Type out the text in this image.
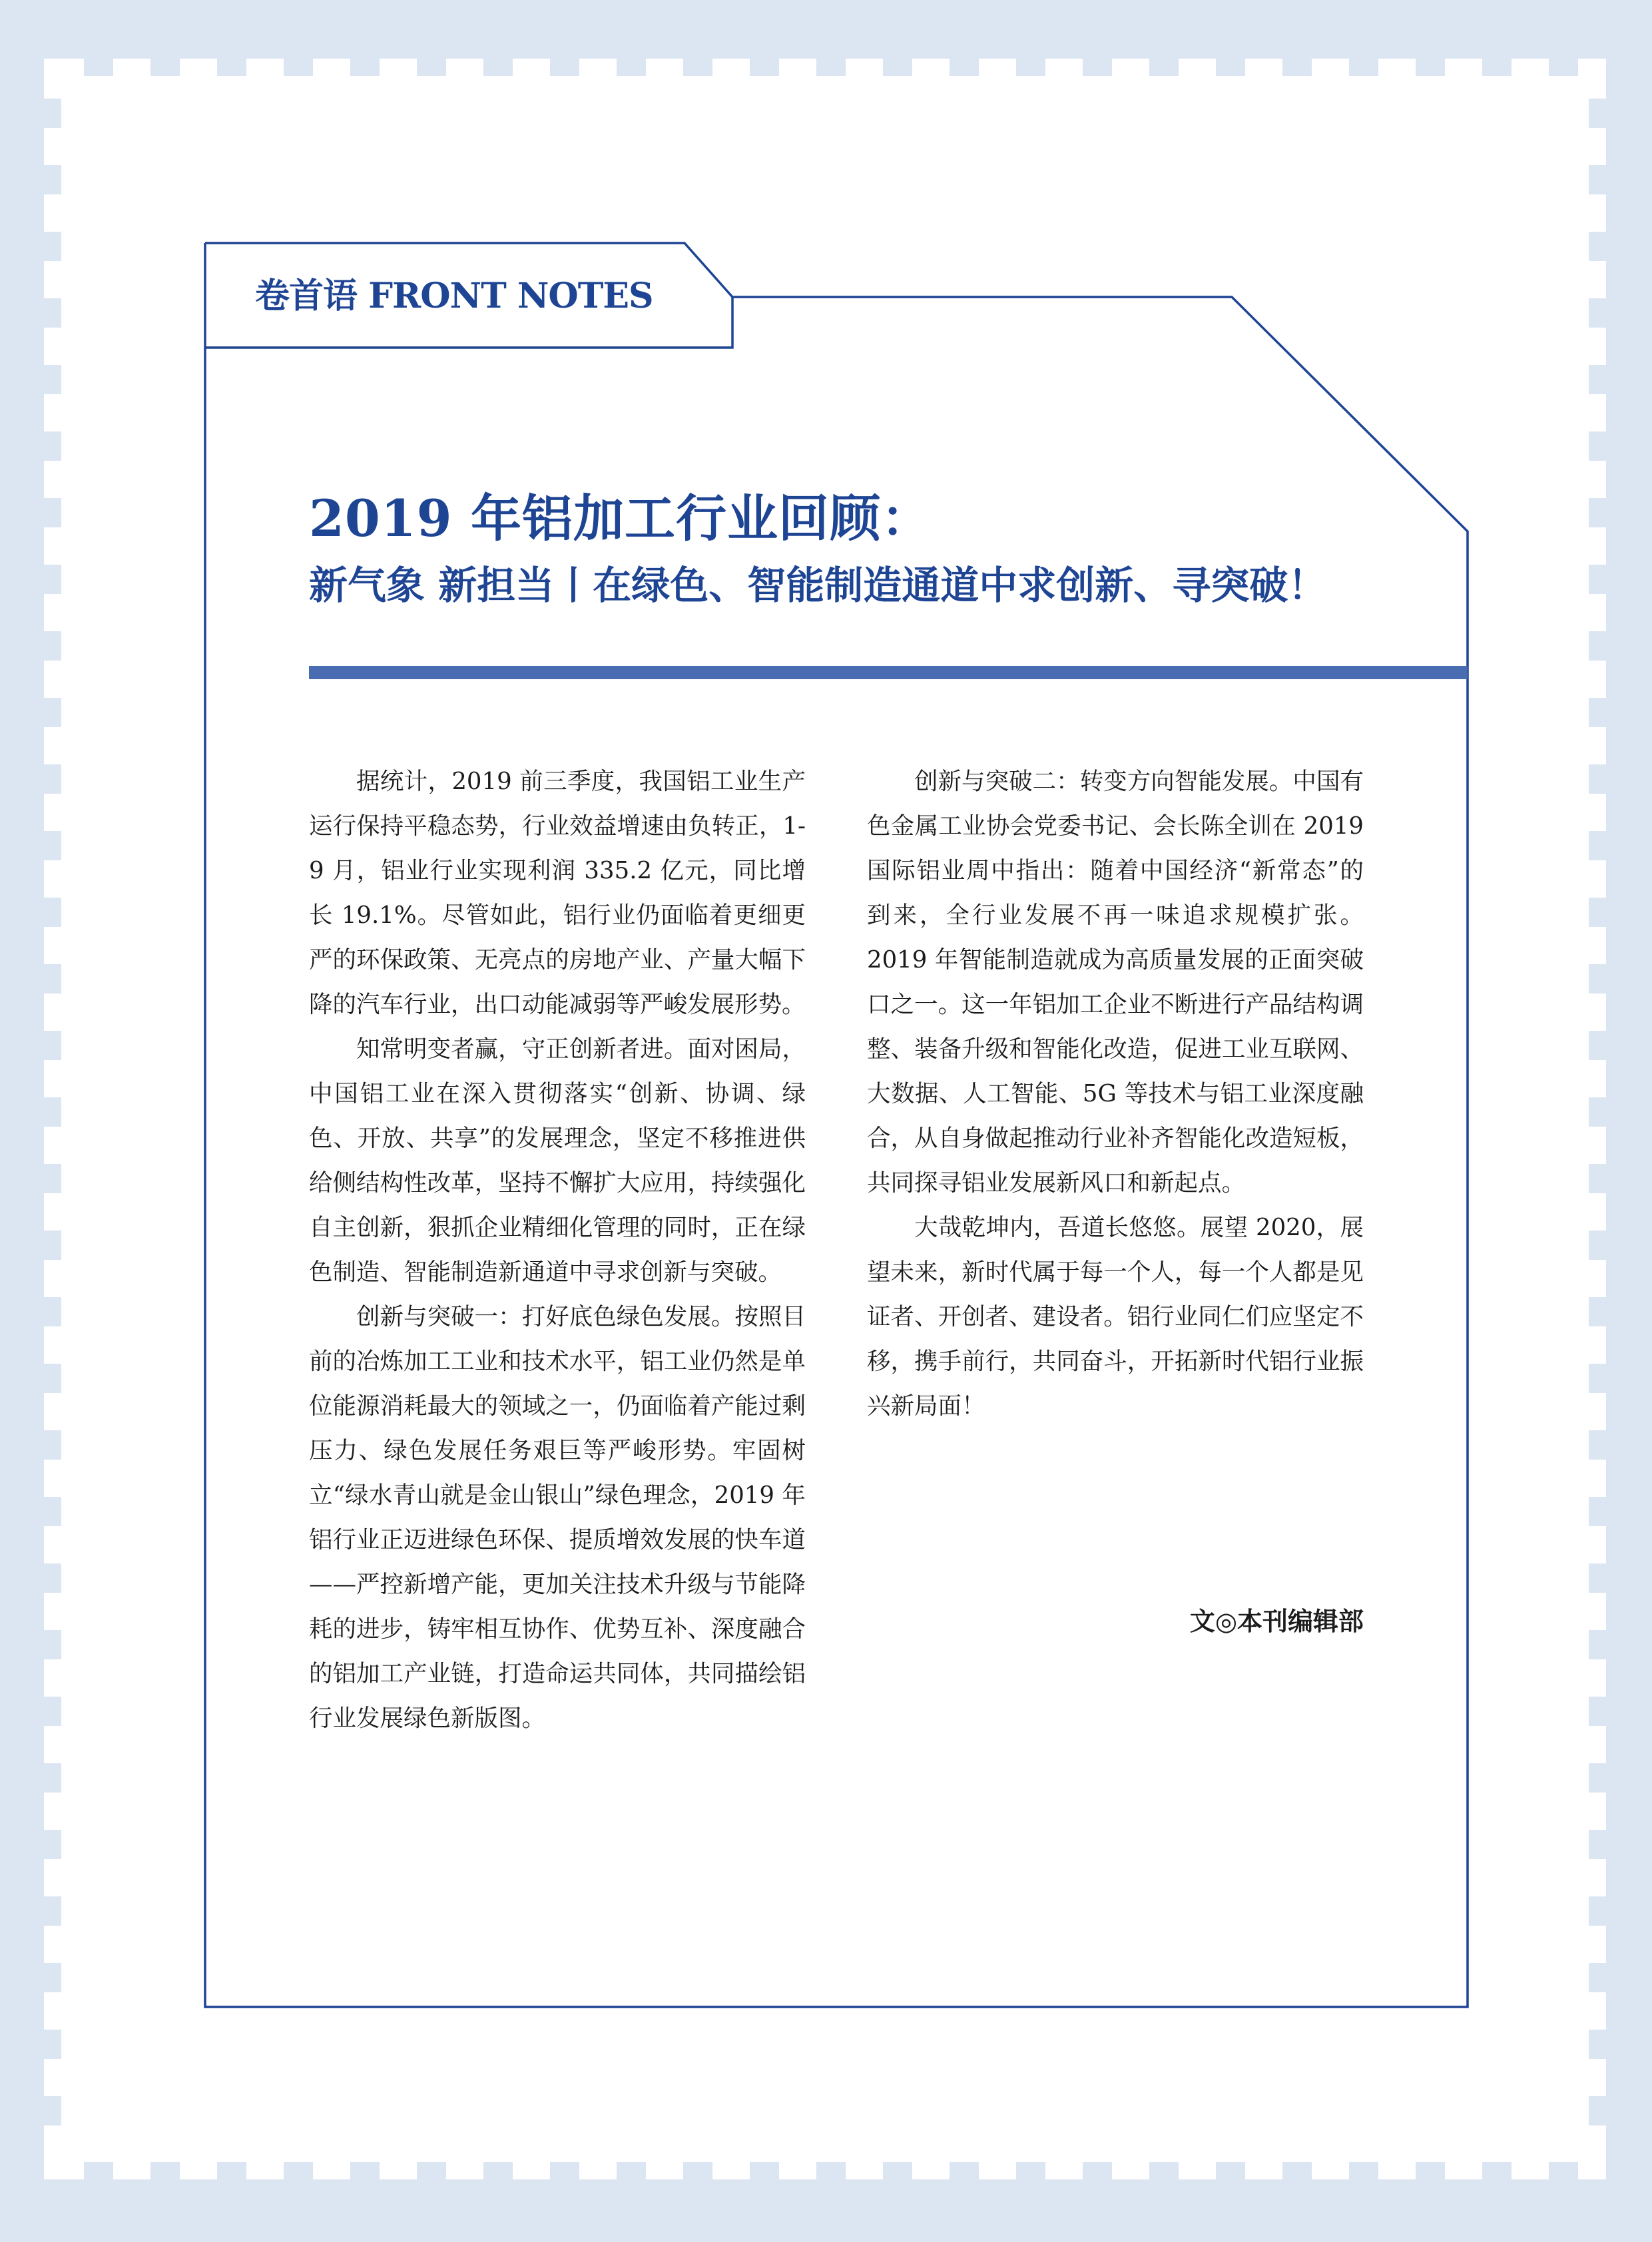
卷首语 FRONT NOTES
2019 年铝加工行业回顾：
新气象 新担当丨在绿色、智能制造通道中求创新、寻突破！

据统计，2019 前三季度，我国铝工业生产运行保持平稳态势，行业效益增速由负转正，1-9 月，铝业行业实现利润 335.2 亿元，同比增长 19.1%。尽管如此，铝行业仍面临着更细更严的环保政策、无亮点的房地产业、产量大幅下降的汽车行业，出口动能减弱等严峻发展形势。

知常明变者赢，守正创新者进。面对困局，中国铝工业在深入贯彻落实“创新、协调、绿色、开放、共享”的发展理念，坚定不移推进供给侧结构性改革，坚持不懈扩大应用，持续强化自主创新，狠抓企业精细化管理的同时，正在绿色制造、智能制造新通道中寻求创新与突破。

创新与突破一：打好底色绿色发展。按照目前的冶炼加工工业和技术水平，铝工业仍然是单位能源消耗最大的领域之一，仍面临着产能过剩压力、绿色发展任务艰巨等严峻形势。牢固树立“绿水青山就是金山银山”绿色理念，2019 年铝行业正迈进绿色环保、提质增效发展的快车道——严控新增产能，更加关注技术升级与节能降耗的进步，铸牢相互协作、优势互补、深度融合的铝加工产业链，打造命运共同体，共同描绘铝行业发展绿色新版图。

创新与突破二：转变方向智能发展。中国有色金属工业协会党委书记、会长陈全训在 2019 国际铝业周中指出：随着中国经济“新常态”的到来，全行业发展不再一味追求规模扩张。2019 年智能制造就成为高质量发展的正面突破口之一。这一年铝加工企业不断进行产品结构调整、装备升级和智能化改造，促进工业互联网、大数据、人工智能、5G 等技术与铝工业深度融合，从自身做起推动行业补齐智能化改造短板，共同探寻铝业发展新风口和新起点。

大哉乾坤内，吾道长悠悠。展望 2020，展望未来，新时代属于每一个人，每一个人都是见证者、开创者、建设者。铝行业同仁们应坚定不移，携手前行，共同奋斗，开拓新时代铝行业振兴新局面！

文◎本刊编辑部
